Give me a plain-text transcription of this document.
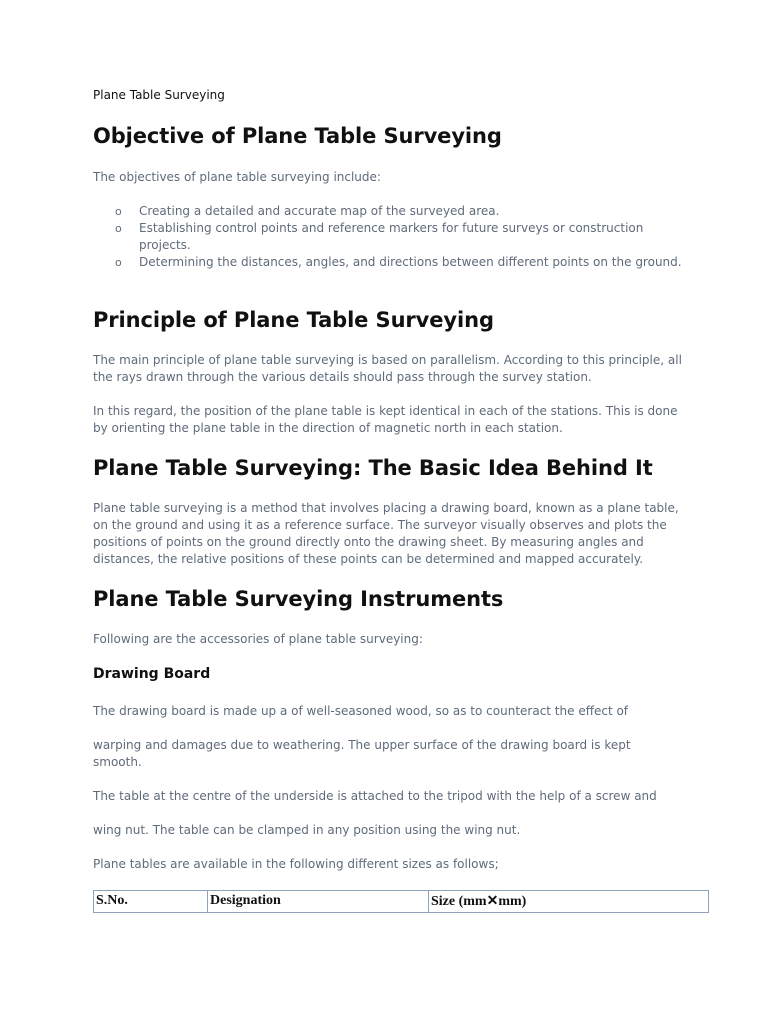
Plane Table Surveying
Objective of Plane Table Surveying

The objectives of plane table surveying include:

o Creating a detailed and accurate map of the surveyed area.
o Establishing control points and reference markers for future surveys or construction projects.
o Determining the distances, angles, and directions between different points on the ground.
Principle of Plane Table Surveying

The main principle of plane table surveying is based on parallelism. According to this principle, all the rays drawn through the various details should pass through the survey station.

In this regard, the position of the plane table is kept identical in each of the stations. This is done by orienting the plane table in the direction of magnetic north in each station.

Plane Table Surveying: The Basic Idea Behind It

Plane table surveying is a method that involves placing a drawing board, known as a plane table, on the ground and using it as a reference surface. The surveyor visually observes and plots the positions of points on the ground directly onto the drawing sheet. By measuring angles and distances, the relative positions of these points can be determined and mapped accurately.

Plane Table Surveying Instruments

Following are the accessories of plane table surveying:

Drawing Board

The drawing board is made up a of well-seasoned wood, so as to counteract the effect of

warping and damages due to weathering. The upper surface of the drawing board is kept smooth.

The table at the centre of the underside is attached to the tripod with the help of a screw and

wing nut. The table can be clamped in any position using the wing nut.

Plane tables are available in the following different sizes as follows;

S.No.	Designation	Size (mm✕mm)
